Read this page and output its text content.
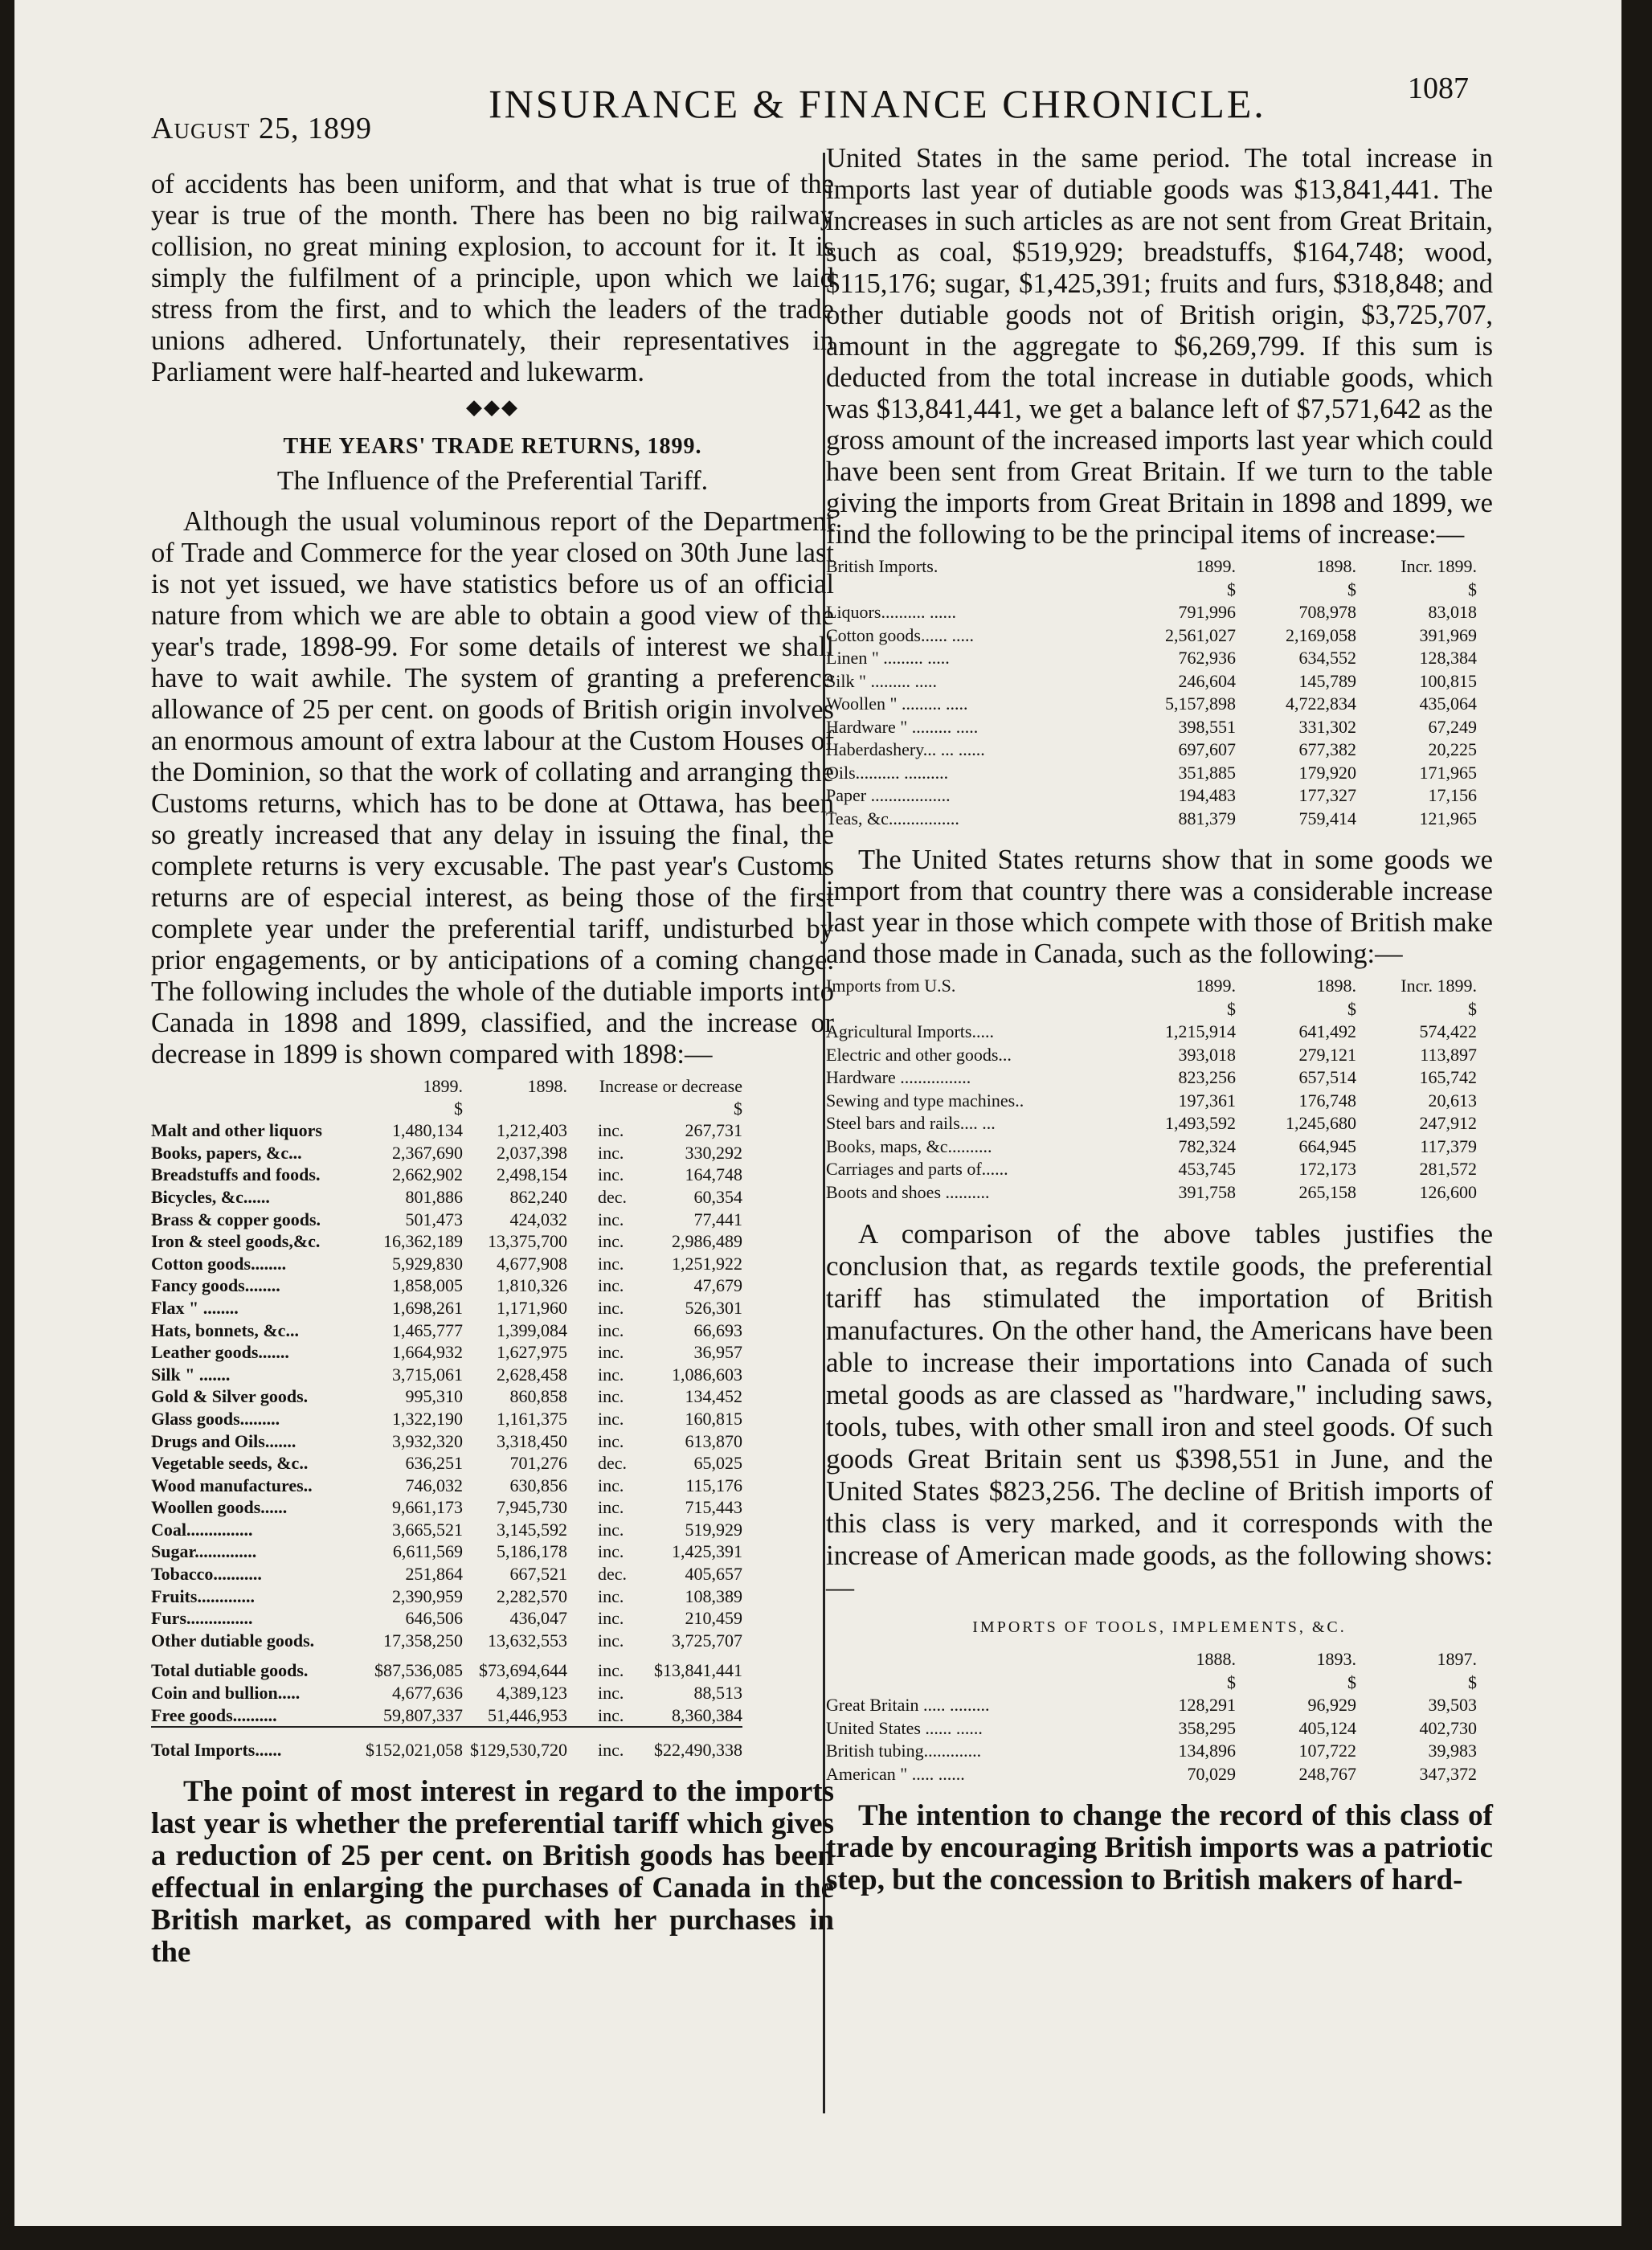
August 25, 1899
INSURANCE & FINANCE CHRONICLE.	1087

of accidents has been uniform, and that what is true of the year is true of the month. There has been no big railway collision, no great mining explosion, to account for it. It is simply the fulfilment of a principle, upon which we laid stress from the first, and to which the leaders of the trade unions adhered. Unfortunately, their representatives in Parliament were half-hearted and lukewarm.

◆◆◆
THE YEARS' TRADE RETURNS, 1899.
The Influence of the Preferential Tariff.

Although the usual voluminous report of the Department of Trade and Commerce for the year closed on 30th June last is not yet issued, we have statistics before us of an official nature from which we are able to obtain a good view of the year's trade, 1898-99. For some details of interest we shall have to wait awhile. The system of granting a preference allowance of 25 per cent. on goods of British origin involves an enormous amount of extra labour at the Custom Houses of the Dominion, so that the work of collating and arranging the Customs returns, which has to be done at Ottawa, has been so greatly increased that any delay in issuing the final, the complete returns is very excusable. The past year's Customs returns are of especial interest, as being those of the first complete year under the preferential tariff, undisturbed by prior engagements, or by anticipations of a coming change. The following includes the whole of the dutiable imports into Canada in 1898 and 1899, classified, and the increase or decrease in 1899 is shown compared with 1898:—

	1899.	1898.	Increase or decrease	
	$		$	
Malt and other liquors	1,480,134	1,212,403	inc.	267,731
Books, papers, &c...	2,367,690	2,037,398	inc.	330,292
Breadstuffs and foods.	2,662,902	2,498,154	inc.	164,748
Bicycles, &c......	801,886	862,240	dec.	60,354
Brass & copper goods.	501,473	424,032	inc.	77,441
Iron & steel goods,&c.	16,362,189	13,375,700	inc.	2,986,489
Cotton goods........	5,929,830	4,677,908	inc.	1,251,922
Fancy goods........	1,858,005	1,810,326	inc.	47,679
Flax " ........	1,698,261	1,171,960	inc.	526,301
Hats, bonnets, &c...	1,465,777	1,399,084	inc.	66,693
Leather goods.......	1,664,932	1,627,975	inc.	36,957
Silk " .......	3,715,061	2,628,458	inc.	1,086,603
Gold & Silver goods.	995,310	860,858	inc.	134,452
Glass goods.........	1,322,190	1,161,375	inc.	160,815
Drugs and Oils.......	3,932,320	3,318,450	inc.	613,870
Vegetable seeds, &c..	636,251	701,276	dec.	65,025
Wood manufactures..	746,032	630,856	inc.	115,176
Woollen goods......	9,661,173	7,945,730	inc.	715,443
Coal...............	3,665,521	3,145,592	inc.	519,929
Sugar..............	6,611,569	5,186,178	inc.	1,425,391
Tobacco...........	251,864	667,521	dec.	405,657
Fruits.............	2,390,959	2,282,570	inc.	108,389
Furs...............	646,506	436,047	inc.	210,459
Other dutiable goods.	17,358,250	13,632,553	inc.	3,725,707
Total dutiable goods.	$87,536,085	$73,694,644	inc.	$13,841,441
Coin and bullion.....	4,677,636	4,389,123	inc.	88,513
Free goods..........	59,807,337	51,446,953	inc.	8,360,384
Total Imports......	$152,021,058	$129,530,720	inc.	$22,490,338

The point of most interest in regard to the imports last year is whether the preferential tariff which gives a reduction of 25 per cent. on British goods has been effectual in enlarging the purchases of Canada in the British market, as compared with her purchases in the

United States in the same period. The total increase in imports last year of dutiable goods was $13,841,441. The increases in such articles as are not sent from Great Britain, such as coal, $519,929; breadstuffs, $164,748; wood, $115,176; sugar, $1,425,391; fruits and furs, $318,848; and other dutiable goods not of British origin, $3,725,707, amount in the aggregate to $6,269,799. If this sum is deducted from the total increase in dutiable goods, which was $13,841,441, we get a balance left of $7,571,642 as the gross amount of the increased imports last year which could have been sent from Great Britain. If we turn to the table giving the imports from Great Britain in 1898 and 1899, we find the following to be the principal items of increase:—

British Imports.	1899.	1898.	Incr. 1899.
	$	$	$
Liquors.......... ......	791,996	708,978	83,018
Cotton goods...... .....	2,561,027	2,169,058	391,969
Linen " ......... .....	762,936	634,552	128,384
Silk " ......... .....	246,604	145,789	100,815
Woollen " ......... .....	5,157,898	4,722,834	435,064
Hardware " ......... .....	398,551	331,302	67,249
Haberdashery... ... ......	697,607	677,382	20,225
Oils.......... ..........	351,885	179,920	171,965
Paper ..................	194,483	177,327	17,156
Teas, &c................	881,379	759,414	121,965

The United States returns show that in some goods we import from that country there was a considerable increase last year in those which compete with those of British make and those made in Canada, such as the following:—

Imports from U.S.	1899.	1898.	Incr. 1899.
	$	$	$
Agricultural Imports.....	1,215,914	641,492	574,422
Electric and other goods...	393,018	279,121	113,897
Hardware ................	823,256	657,514	165,742
Sewing and type machines..	197,361	176,748	20,613
Steel bars and rails.... ...	1,493,592	1,245,680	247,912
Books, maps, &c..........	782,324	664,945	117,379
Carriages and parts of......	453,745	172,173	281,572
Boots and shoes ..........	391,758	265,158	126,600

A comparison of the above tables justifies the conclusion that, as regards textile goods, the preferential tariff has stimulated the importation of British manufactures. On the other hand, the Americans have been able to increase their importations into Canada of such metal goods as are classed as "hardware," including saws, tools, tubes, with other small iron and steel goods. Of such goods Great Britain sent us $398,551 in June, and the United States $823,256. The decline of British imports of this class is very marked, and it corresponds with the increase of American made goods, as the following shows:—

IMPORTS OF TOOLS, IMPLEMENTS, &C.
	1888.	1893.	1897.
	$	$	$
Great Britain ..... .........	128,291	96,929	39,503
United States ...... ......	358,295	405,124	402,730
British tubing.............	134,896	107,722	39,983
American " ..... ......	70,029	248,767	347,372

The intention to change the record of this class of trade by encouraging British imports was a patriotic step, but the concession to British makers of hard-
